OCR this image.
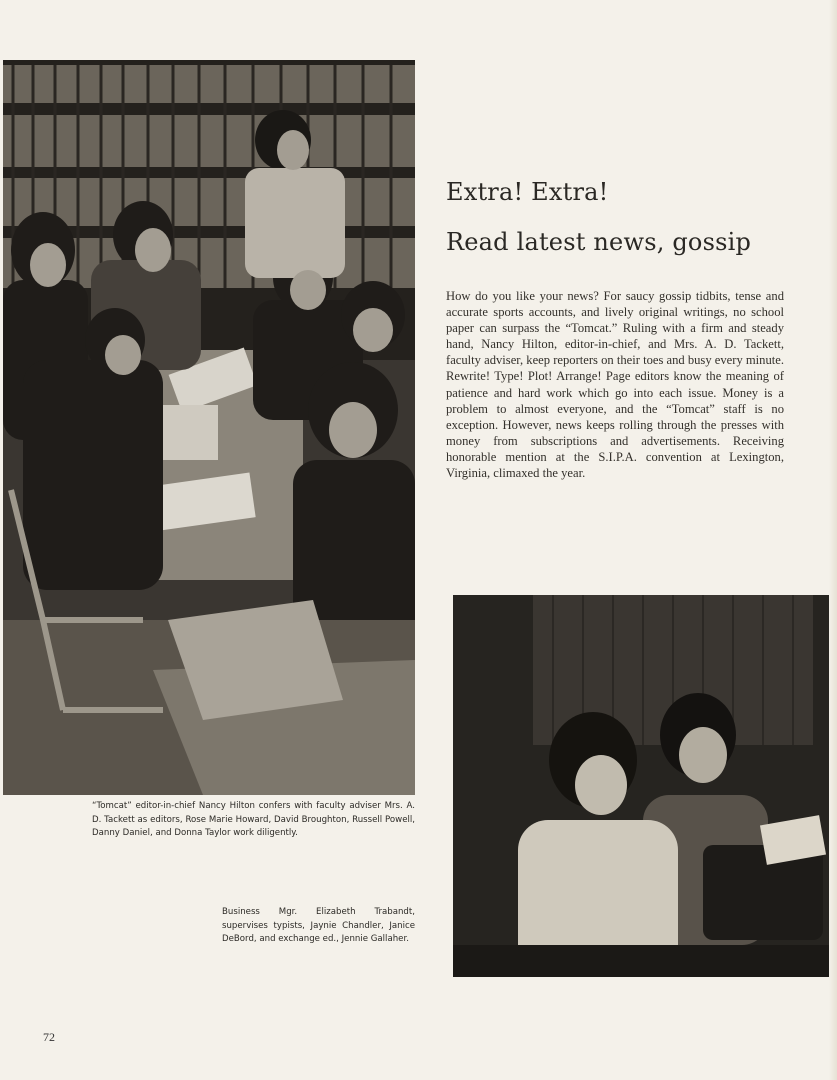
Extra! Extra!
Read latest news, gossip

How do you like your news? For saucy gossip tidbits, tense and accurate sports accounts, and lively original writings, no school paper can surpass the “Tomcat.” Ruling with a firm and steady hand, Nancy Hilton, editor-in-chief, and Mrs. A. D. Tackett, faculty adviser, keep reporters on their toes and busy every minute. Rewrite! Type! Plot! Arrange! Page editors know the meaning of patience and hard work which go into each issue. Money is a problem to almost everyone, and the “Tomcat” staff is no exception. However, news keeps rolling through the presses with money from subscriptions and advertisements. Receiving honorable mention at the S.I.P.A. convention at Lexington, Virginia, climaxed the year.

“Tomcat” editor-in-chief Nancy Hilton confers with faculty adviser Mrs. A. D. Tackett as editors, Rose Marie Howard, David Broughton, Russell Powell, Danny Daniel, and Donna Taylor work diligently.

Business Mgr. Elizabeth Trabandt, supervises typists, Jaynie Chandler, Janice DeBord, and exchange ed., Jennie Gallaher.

72
